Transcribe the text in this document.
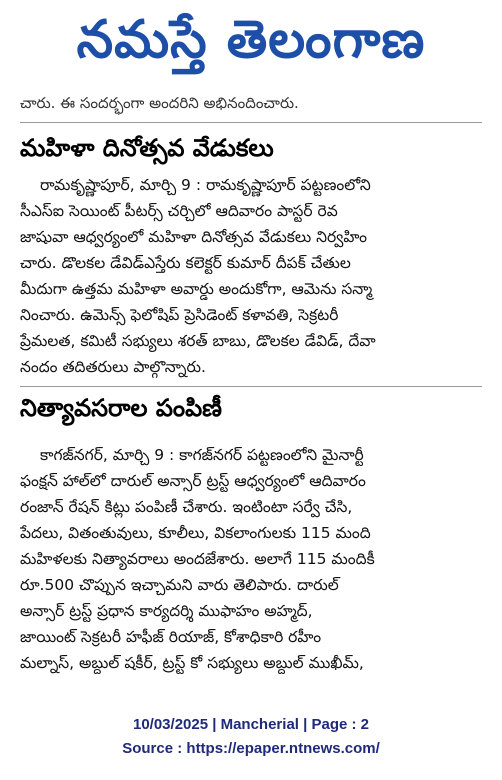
నమస్తే తెలంగాణ
చారు. ఈ సందర్భంగా అందరిని అభినందించారు.
మహిళా దినోత్సవ వేడుకలు
రామకృష్ణాపూర్, మార్చి 9 : రామకృష్ణాపూర్ పట్టణంలోని
సీఎస్ఐ సెయింట్ పీటర్స్ చర్చిలో ఆదివారం పాస్టర్ రెవ
జాషువా ఆధ్వర్యంలో మహిళా దినోత్సవ వేడుకలు నిర్వహిం
చారు. డొలకల డేవిడ్ఎస్తేరు కలెక్టర్ కుమార్ దీపక్ చేతుల
మీదుగా ఉత్తమ మహిళా అవార్డు అందుకోగా, ఆమెను సన్మా
నించారు. ఉమెన్స్ ఫెలోషిప్ ప్రెసిడెంట్ కళావతి, సెక్రటరీ
ప్రేమలత, కమిటీ సభ్యులు శరత్ బాబు, డొలకల డేవిడ్, దేవా
నందం తదితరులు పాల్గొన్నారు.
నిత్యావసరాల పంపిణీ
కాగజ్‌నగర్, మార్చి 9 : కాగజ్‌నగర్ పట్టణంలోని మైనార్టీ
ఫంక్షన్ హాల్‌లో దారుల్ అన్సార్ ట్రస్ట్ ఆధ్వర్యంలో ఆదివారం
రంజాన్ రేషన్ కిట్లు పంపిణీ చేశారు. ఇంటింటా సర్వే చేసి,
పేదలు, వితంతువులు, కూలీలు, వికలాంగులకు 115 మంది
మహిళలకు నిత్యావరాలు అందజేశారు. అలాగే 115 మందికీ
రూ.500 చొప్పున ఇచ్చామని వారు తెలిపారు. దారుల్
అన్సార్ ట్రస్ట్ ప్రధాన కార్యదర్శి ముఫాహం అహ్మద్,
జాయింట్ సెక్రటరీ హఫీజ్ రియాజ్, కోశాధికారి రహీం
మల్నాస్, అబ్దుల్ షకీర్, ట్రస్ట్ కో సభ్యులు అబ్దుల్ ముఖీమ్,
10/03/2025 | Mancherial | Page : 2
Source : https://epaper.ntnews.com/
